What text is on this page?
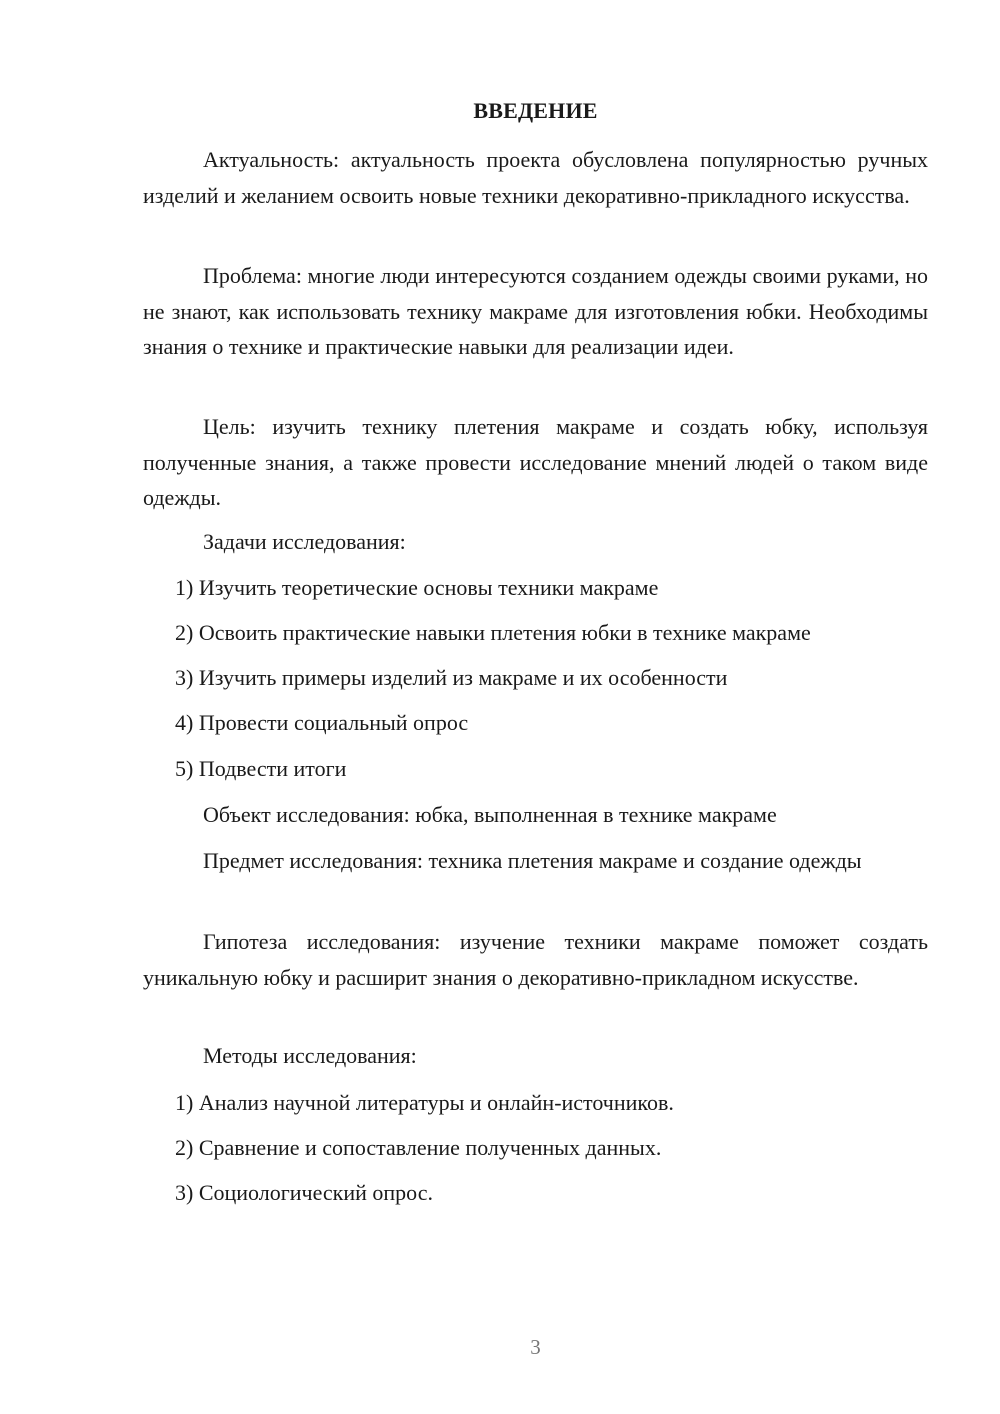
ВВЕДЕНИЕ

Актуальность: актуальность проекта обусловлена популярностью ручных изделий и желанием освоить новые техники декоративно-прикладного искусства.

Проблема: многие люди интересуются созданием одежды своими руками, но не знают, как использовать технику макраме для изготовления юбки. Необходимы знания о технике и практические навыки для реализации идеи.

Цель: изучить технику плетения макраме и создать юбку, используя полученные знания, а также провести исследование мнений людей о таком виде одежды.

Задачи исследования:
1) Изучить теоретические основы техники макраме
2) Освоить практические навыки плетения юбки в технике макраме
3) Изучить примеры изделий из макраме и их особенности
4) Провести социальный опрос
5) Подвести итоги

Объект исследования: юбка, выполненная в технике макраме

Предмет исследования: техника плетения макраме и создание одежды

Гипотеза исследования: изучение техники макраме поможет создать уникальную юбку и расширит знания о декоративно-прикладном искусстве.

Методы исследования:
1) Анализ научной литературы и онлайн-источников.
2) Сравнение и сопоставление полученных данных.
3) Социологический опрос.
3
